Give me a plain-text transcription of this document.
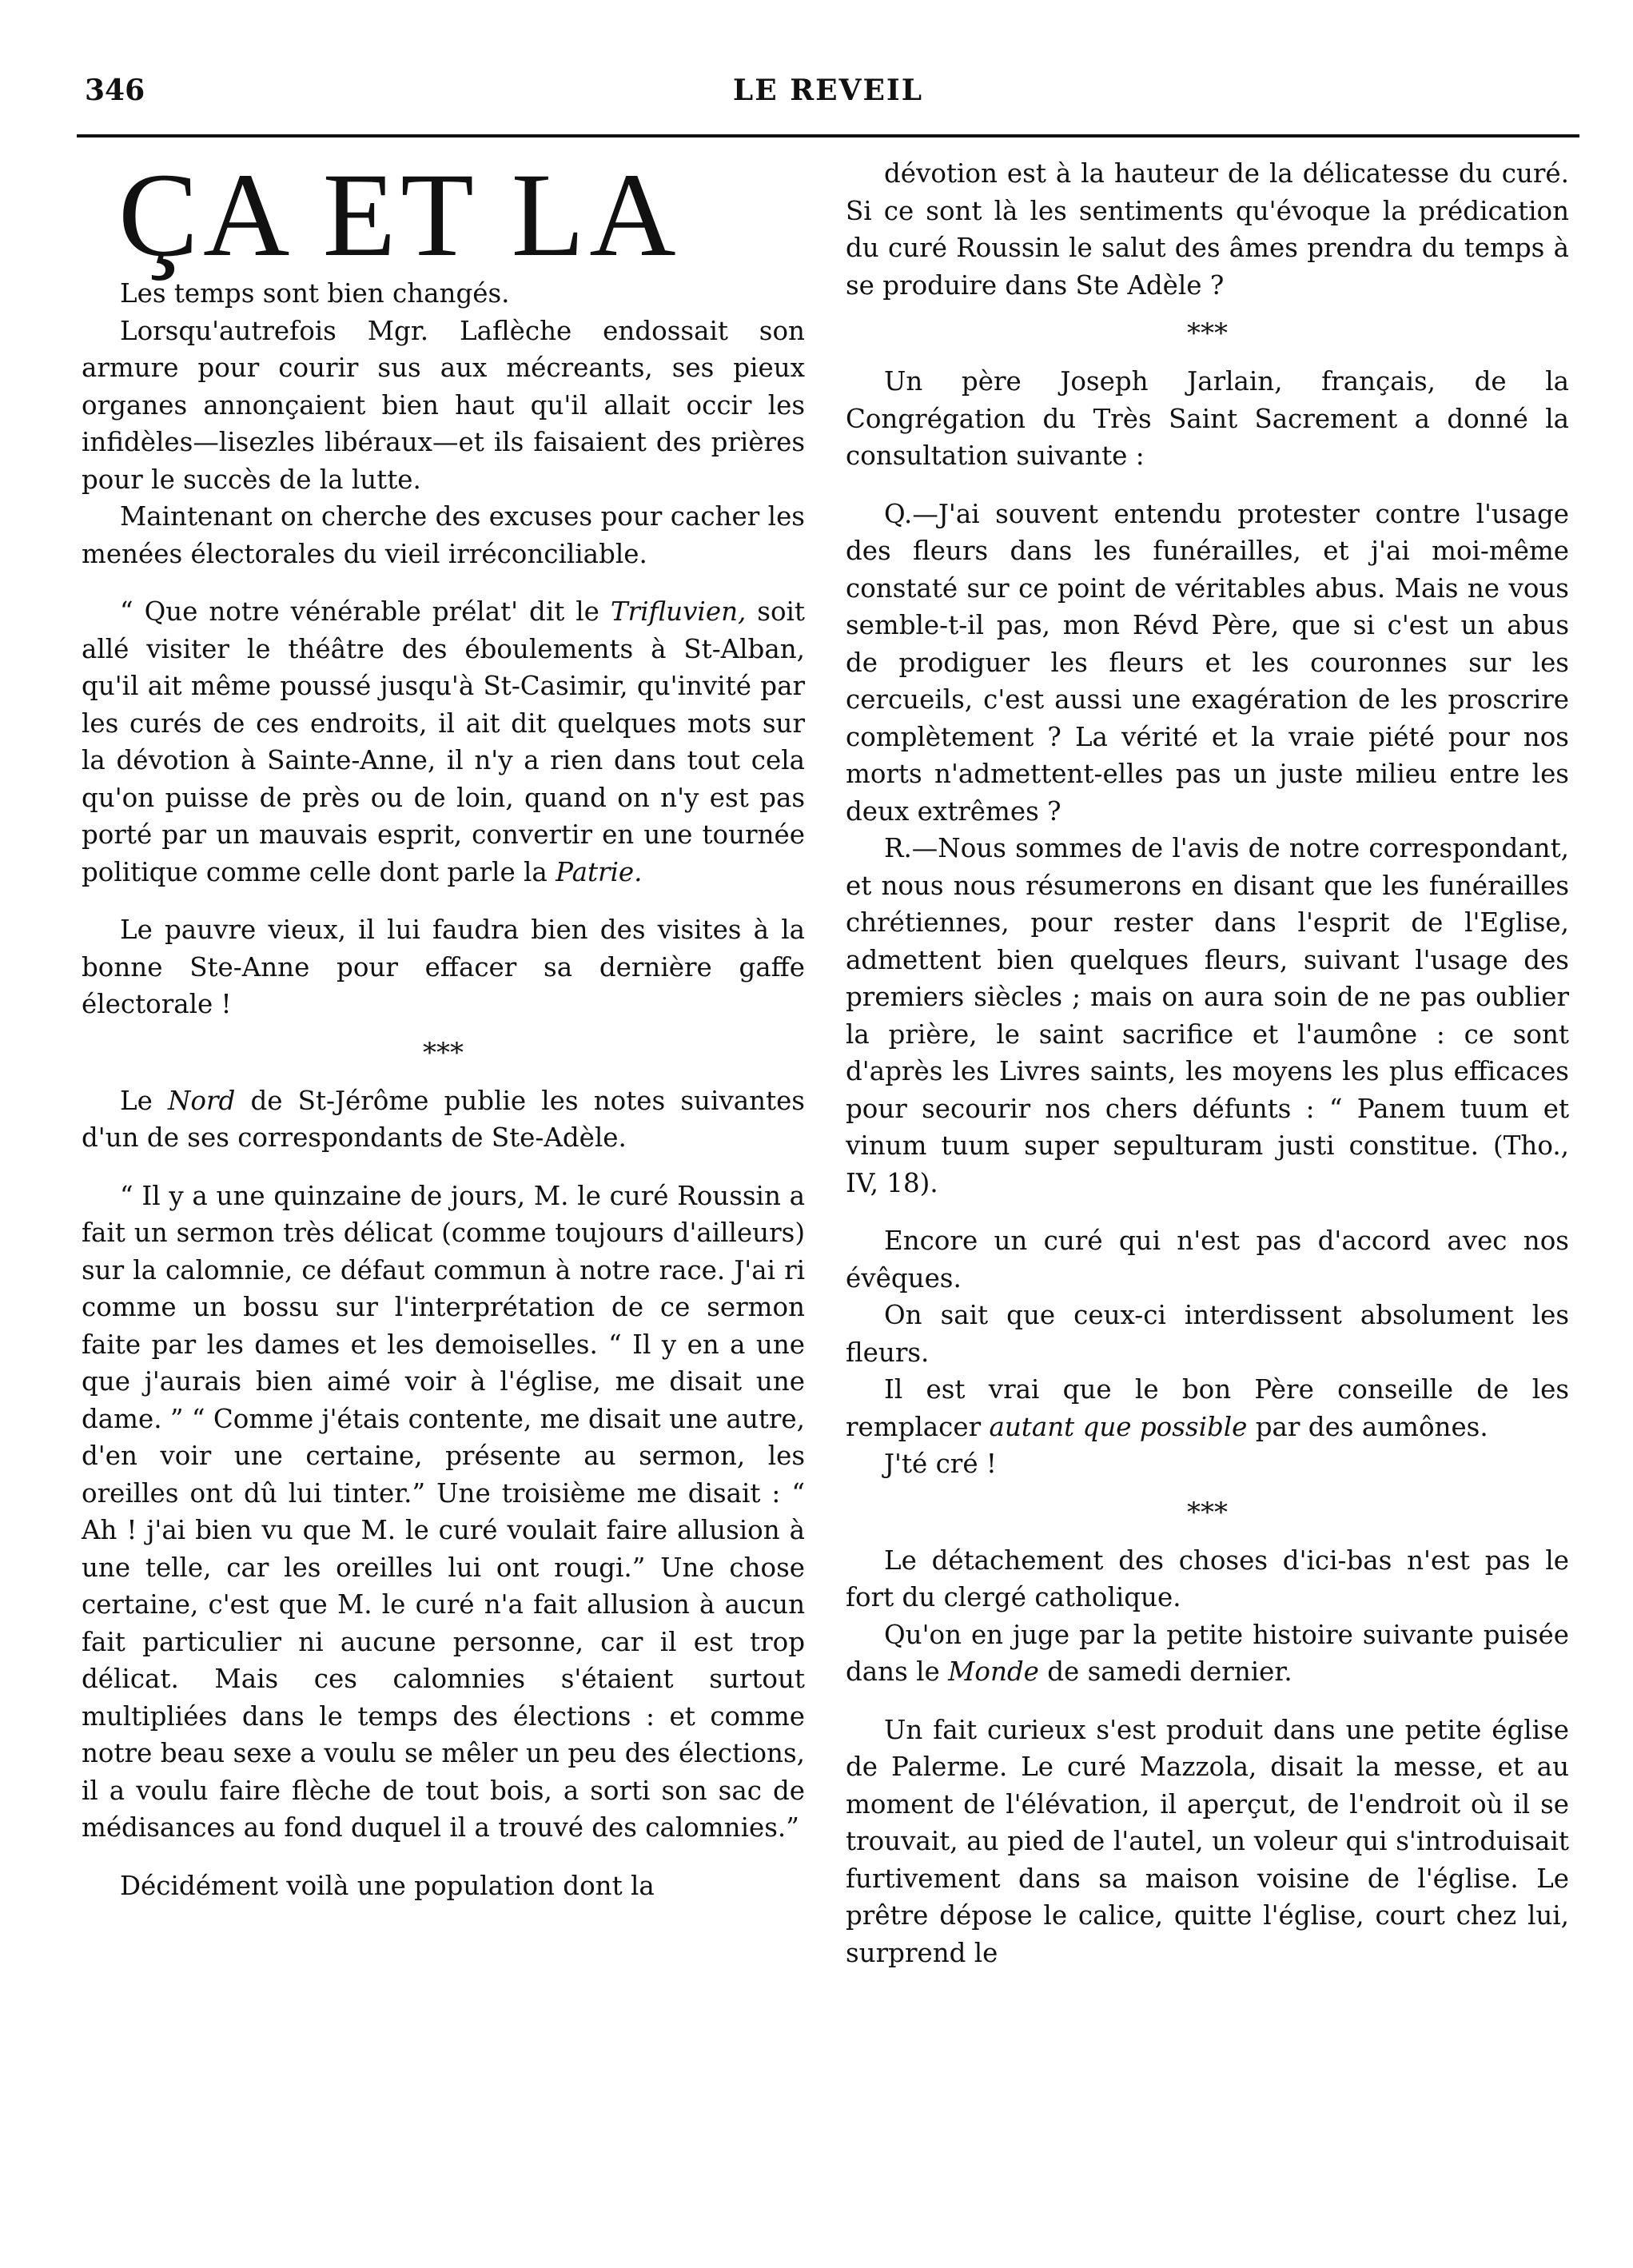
346	LE REVEIL
ÇA ET LA

Les temps sont bien changés.

Lorsqu'autrefois Mgr. Laflèche endossait son armure pour courir sus aux mécreants, ses pieux organes annonçaient bien haut qu'il allait occir les infidèles—lisezles libéraux—et ils faisaient des prières pour le succès de la lutte.

Maintenant on cherche des excuses pour cacher les menées électorales du vieil irréconciliable.

“ Que notre vénérable prélat' dit le Trifluvien, soit allé visiter le théâtre des éboulements à St-Alban, qu'il ait même poussé jusqu'à St-Casimir, qu'invité par les curés de ces endroits, il ait dit quelques mots sur la dévotion à Sainte-Anne, il n'y a rien dans tout cela qu'on puisse de près ou de loin, quand on n'y est pas porté par un mauvais esprit, convertir en une tournée politique comme celle dont parle la Patrie.

Le pauvre vieux, il lui faudra bien des visites à la bonne Ste-Anne pour effacer sa dernière gaffe électorale !

***

Le Nord de St-Jérôme publie les notes suivantes d'un de ses correspondants de Ste-Adèle.

“ Il y a une quinzaine de jours, M. le curé Roussin a fait un sermon très délicat (comme toujours d'ailleurs) sur la calomnie, ce défaut commun à notre race. J'ai ri comme un bossu sur l'interprétation de ce sermon faite par les dames et les demoiselles. “ Il y en a une que j'aurais bien aimé voir à l'église, me disait une dame. ” “ Comme j'étais contente, me disait une autre, d'en voir une certaine, présente au sermon, les oreilles ont dû lui tinter.” Une troisième me disait : “ Ah ! j'ai bien vu que M. le curé voulait faire allusion à une telle, car les oreilles lui ont rougi.” Une chose certaine, c'est que M. le curé n'a fait allusion à aucun fait particulier ni aucune personne, car il est trop délicat. Mais ces calomnies s'étaient surtout multipliées dans le temps des élections : et comme notre beau sexe a voulu se mêler un peu des élections, il a voulu faire flèche de tout bois, a sorti son sac de médisances au fond duquel il a trouvé des calomnies.”

Décidément voilà une population dont la

dévotion est à la hauteur de la délicatesse du curé. Si ce sont là les sentiments qu'évoque la prédication du curé Roussin le salut des âmes prendra du temps à se produire dans Ste Adèle ?

***

Un père Joseph Jarlain, français, de la Congrégation du Très Saint Sacrement a donné la consultation suivante :

Q.—J'ai souvent entendu protester contre l'usage des fleurs dans les funérailles, et j'ai moi-même constaté sur ce point de véritables abus. Mais ne vous semble-t-il pas, mon Révd Père, que si c'est un abus de prodiguer les fleurs et les couronnes sur les cercueils, c'est aussi une exagération de les proscrire complètement ? La vérité et la vraie piété pour nos morts n'admettent-elles pas un juste milieu entre les deux extrêmes ?

R.—Nous sommes de l'avis de notre correspondant, et nous nous résumerons en disant que les funérailles chrétiennes, pour rester dans l'esprit de l'Eglise, admettent bien quelques fleurs, suivant l'usage des premiers siècles ; mais on aura soin de ne pas oublier la prière, le saint sacrifice et l'aumône : ce sont d'après les Livres saints, les moyens les plus efficaces pour secourir nos chers défunts : “ Panem tuum et vinum tuum super sepulturam justi constitue. (Tho., IV, 18).

Encore un curé qui n'est pas d'accord avec nos évêques.

On sait que ceux-ci interdissent absolument les fleurs.

Il est vrai que le bon Père conseille de les remplacer autant que possible par des aumônes.

J'té cré !

***

Le détachement des choses d'ici-bas n'est pas le fort du clergé catholique.

Qu'on en juge par la petite histoire suivante puisée dans le Monde de samedi dernier.

Un fait curieux s'est produit dans une petite église de Palerme. Le curé Mazzola, disait la messe, et au moment de l'élévation, il aperçut, de l'endroit où il se trouvait, au pied de l'autel, un voleur qui s'introduisait furtivement dans sa maison voisine de l'église. Le prêtre dépose le calice, quitte l'église, court chez lui, surprend le
